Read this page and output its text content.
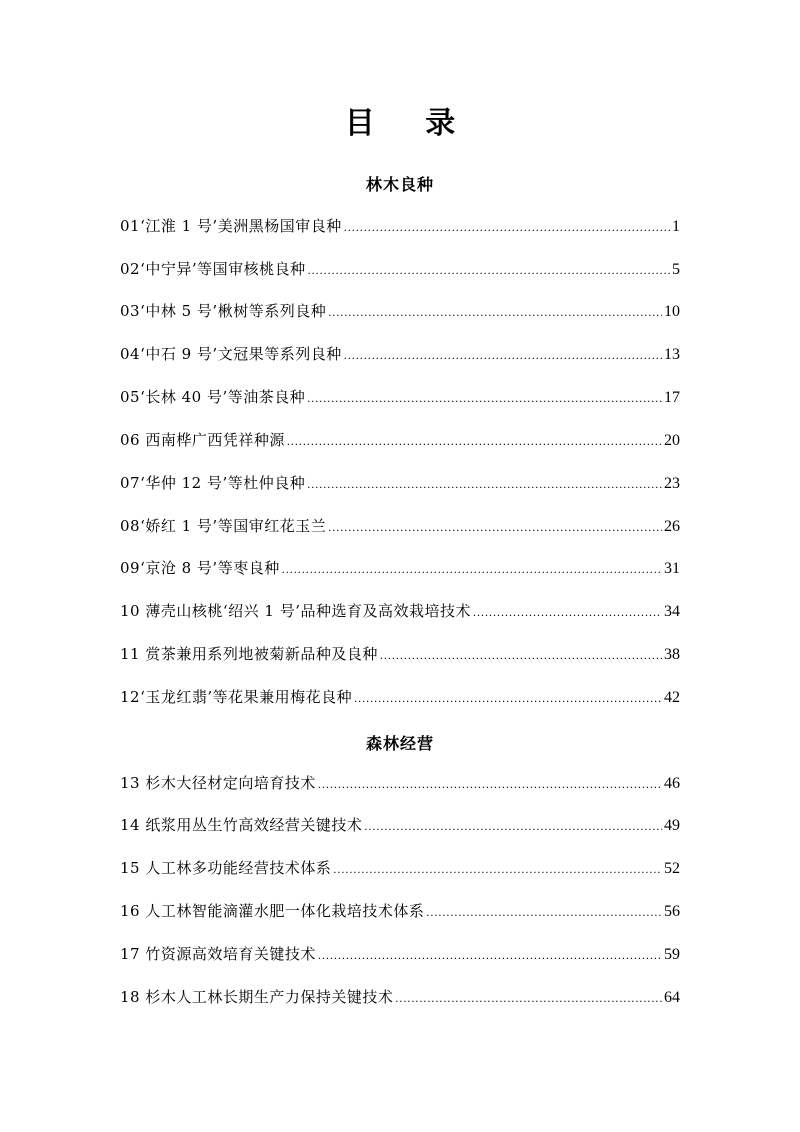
目 录
林木良种
01‘江淮 1 号’美洲黑杨国审良种 .....	1
02‘中宁异’等国审核桃良种 .....	5
03‘中林 5 号’楸树等系列良种 .....	10
04‘中石 9 号’文冠果等系列良种 .....	13
05‘长林 40 号’等油茶良种 .....	17
06 西南桦广西凭祥种源 .....	20
07‘华仲 12 号’等杜仲良种 .....	23
08‘娇红 1 号’等国审红花玉兰 .....	26
09‘京沧 8 号’等枣良种 .....	31
10 薄壳山核桃‘绍兴 1 号’品种选育及高效栽培技术 .....	34
11 赏茶兼用系列地被菊新品种及良种 .....	38
12‘玉龙红翡’等花果兼用梅花良种 .....	42
森林经营
13 杉木大径材定向培育技术 .....	46
14 纸浆用丛生竹高效经营关键技术 .....	49
15 人工林多功能经营技术体系 .....	52
16 人工林智能滴灌水肥一体化栽培技术体系 .....	56
17 竹资源高效培育关键技术 .....	59
18 杉木人工林长期生产力保持关键技术 .....	64
